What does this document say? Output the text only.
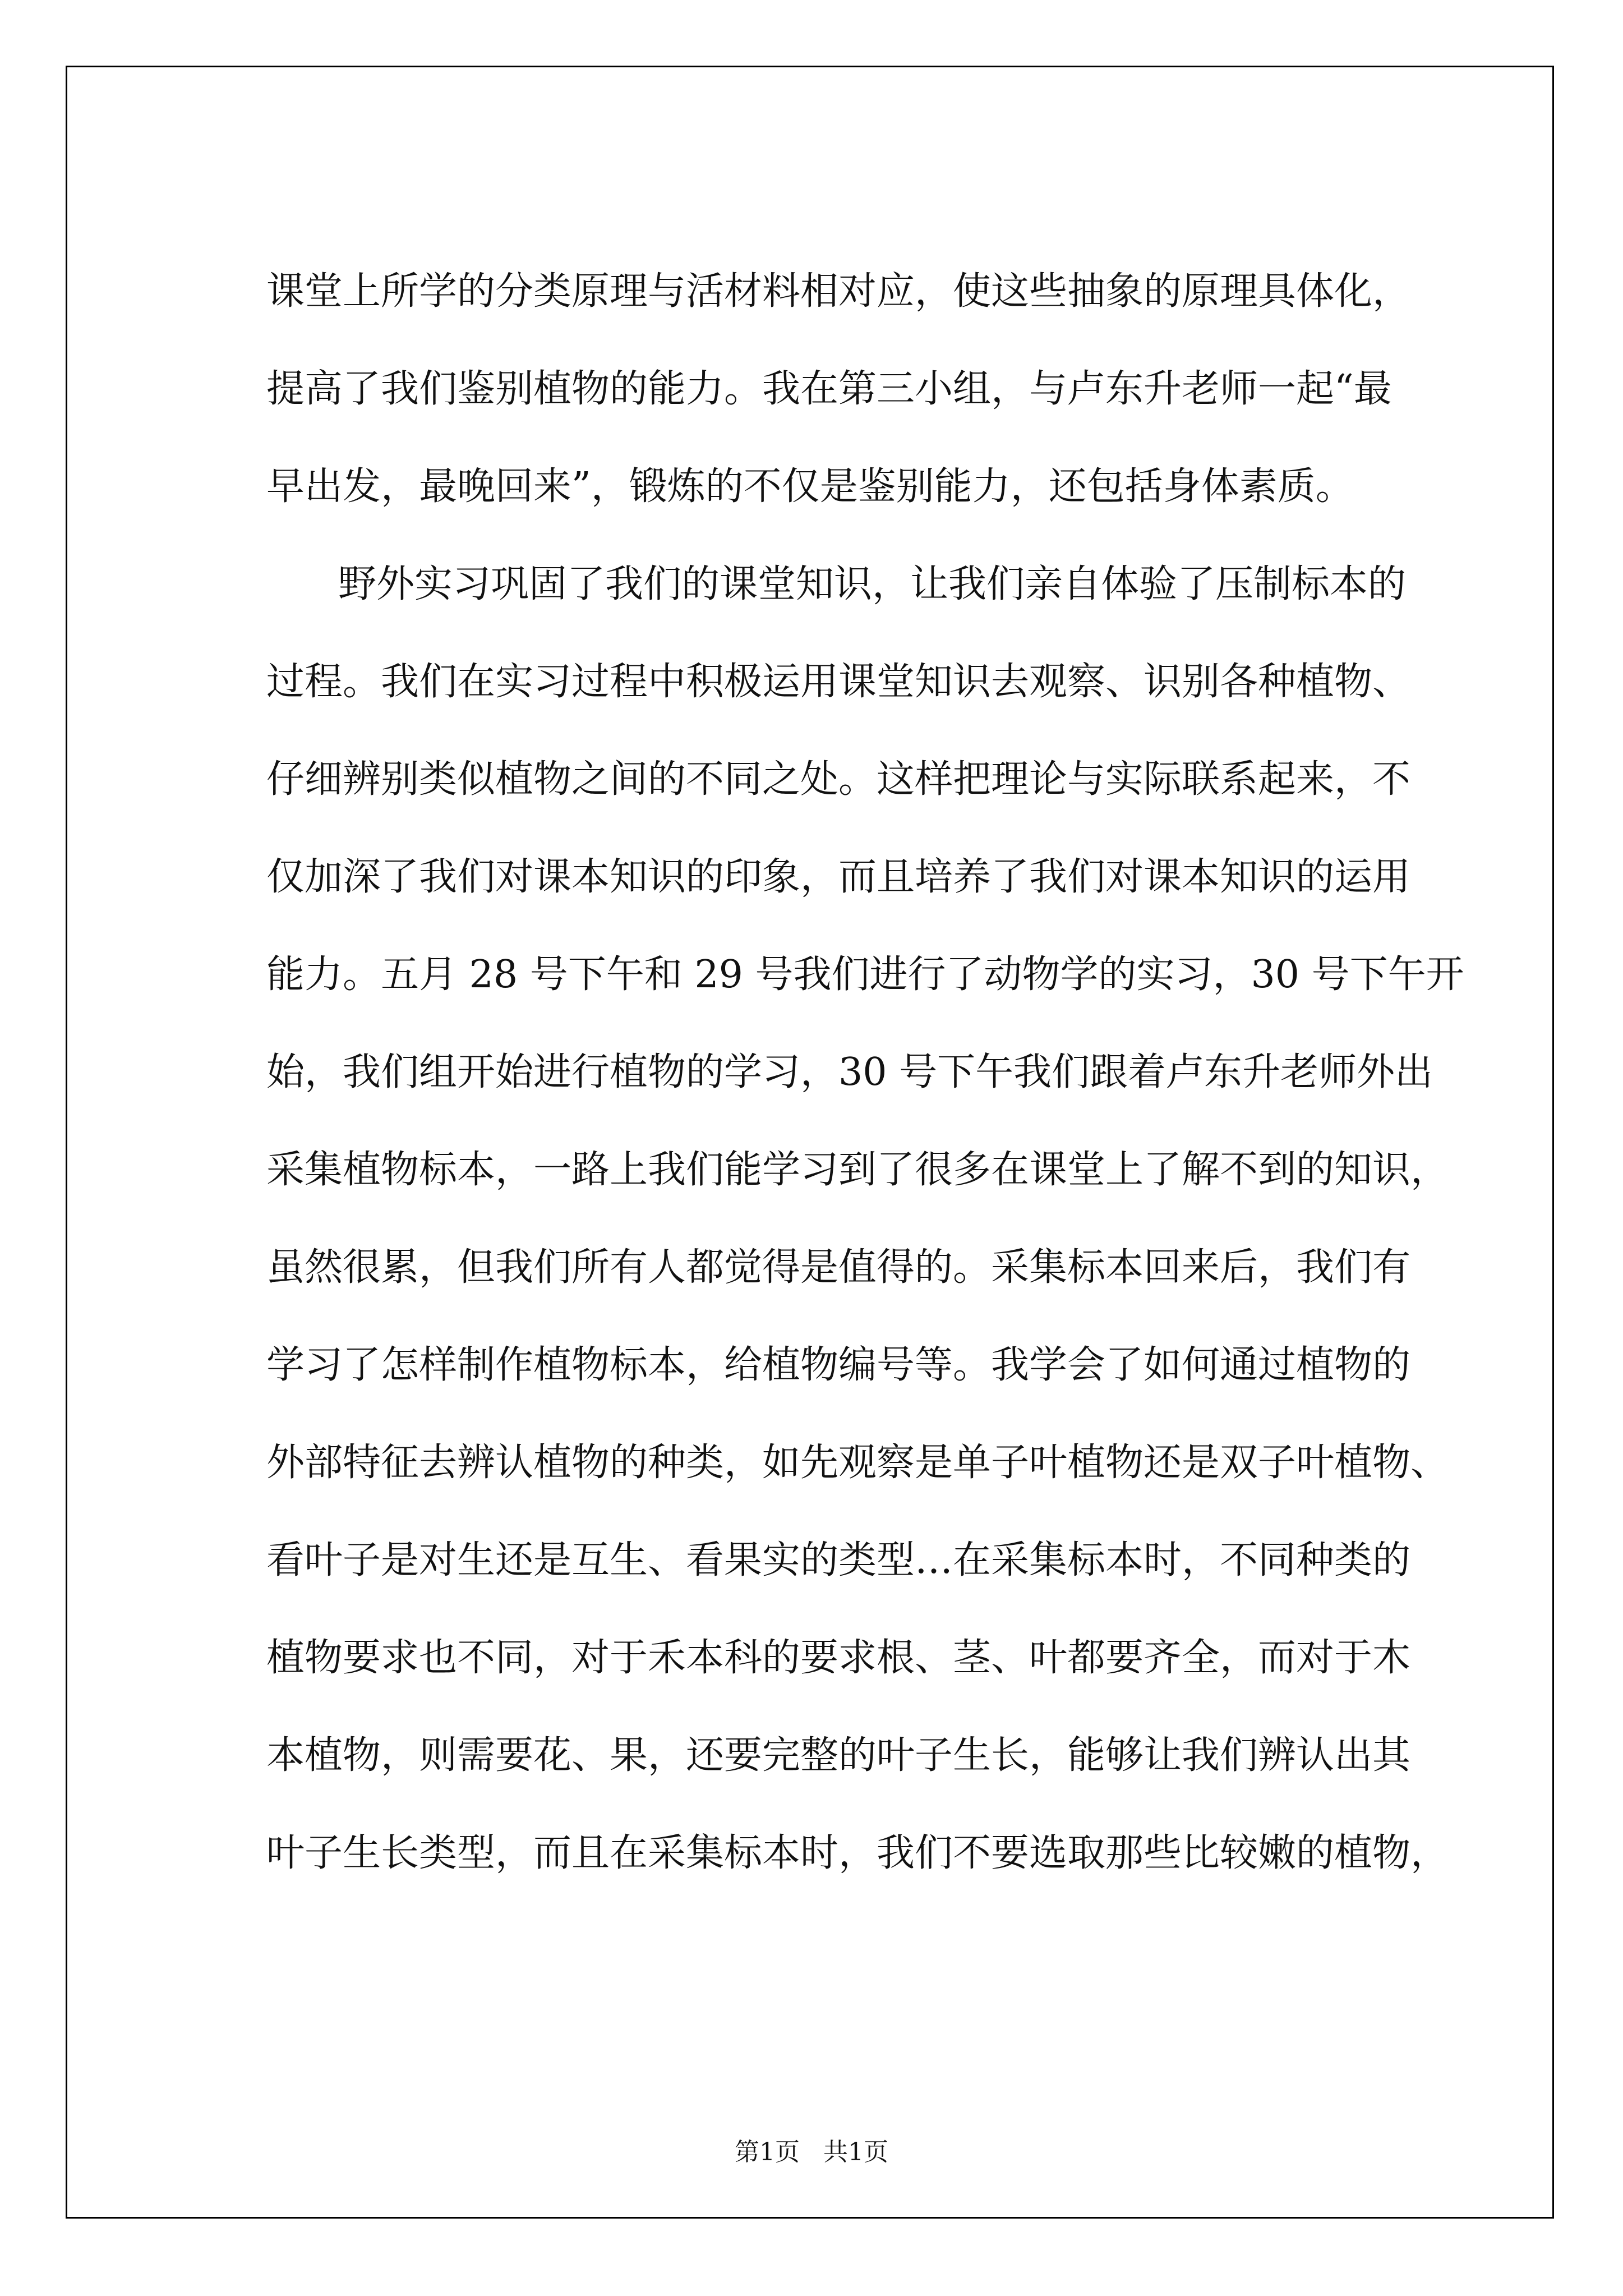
课堂上所学的分类原理与活材料相对应，使这些抽象的原理具体化，
提高了我们鉴别植物的能力。我在第三小组，与卢东升老师一起“最
早出发，最晚回来”，锻炼的不仅是鉴别能力，还包括身体素质。
野外实习巩固了我们的课堂知识，让我们亲自体验了压制标本的
过程。我们在实习过程中积极运用课堂知识去观察、识别各种植物、
仔细辨别类似植物之间的不同之处。这样把理论与实际联系起来，不
仅加深了我们对课本知识的印象，而且培养了我们对课本知识的运用
能力。五月 28 号下午和 29 号我们进行了动物学的实习，30 号下午开
始，我们组开始进行植物的学习，30 号下午我们跟着卢东升老师外出
采集植物标本，一路上我们能学习到了很多在课堂上了解不到的知识，
虽然很累，但我们所有人都觉得是值得的。采集标本回来后，我们有
学习了怎样制作植物标本，给植物编号等。我学会了如何通过植物的
外部特征去辨认植物的种类，如先观察是单子叶植物还是双子叶植物、
看叶子是对生还是互生、看果实的类型…在采集标本时，不同种类的
植物要求也不同，对于禾本科的要求根、茎、叶都要齐全，而对于木
本植物，则需要花、果，还要完整的叶子生长，能够让我们辨认出其
叶子生长类型，而且在采集标本时，我们不要选取那些比较嫩的植物，
第1页   共1页
